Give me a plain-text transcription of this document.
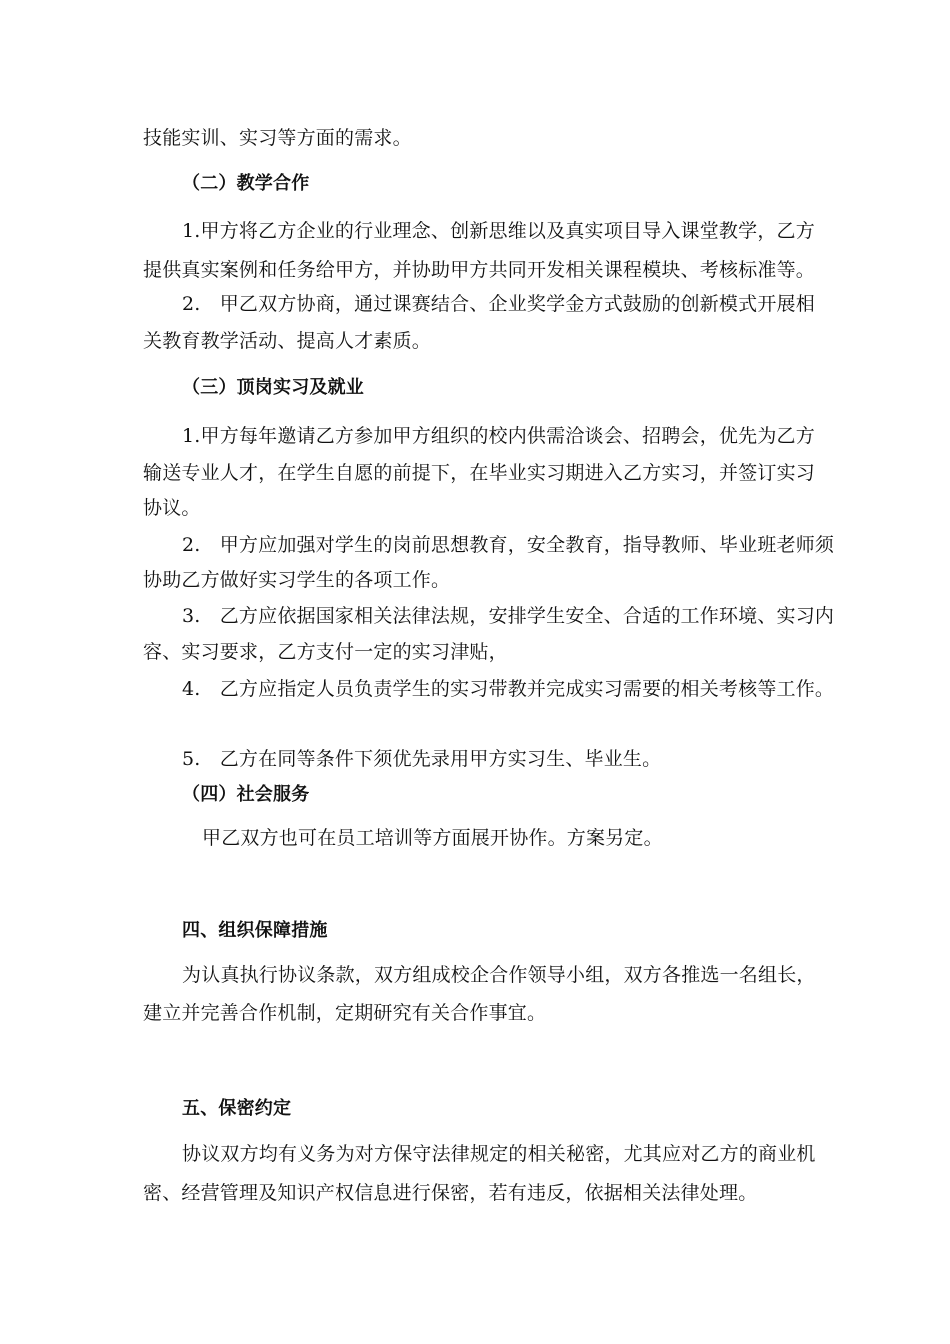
技能实训、实习等方面的需求。
（二）教学合作
1.甲方将乙方企业的行业理念、创新思维以及真实项目导入课堂教学，乙方
提供真实案例和任务给甲方，并协助甲方共同开发相关课程模块、考核标准等。
2.　甲乙双方协商，通过课赛结合、企业奖学金方式鼓励的创新模式开展相
关教育教学活动、提高人才素质。
（三）顶岗实习及就业
1.甲方每年邀请乙方参加甲方组织的校内供需洽谈会、招聘会，优先为乙方
输送专业人才，在学生自愿的前提下，在毕业实习期进入乙方实习，并签订实习
协议。
2.　甲方应加强对学生的岗前思想教育，安全教育，指导教师、毕业班老师须
协助乙方做好实习学生的各项工作。
3.　乙方应依据国家相关法律法规，安排学生安全、合适的工作环境、实习内
容、实习要求，乙方支付一定的实习津贴，
4.　乙方应指定人员负责学生的实习带教并完成实习需要的相关考核等工作。
5.　乙方在同等条件下须优先录用甲方实习生、毕业生。
（四）社会服务
甲乙双方也可在员工培训等方面展开协作。方案另定。
四、组织保障措施
为认真执行协议条款，双方组成校企合作领导小组，双方各推选一名组长，
建立并完善合作机制，定期研究有关合作事宜。
五、保密约定
协议双方均有义务为对方保守法律规定的相关秘密，尤其应对乙方的商业机
密、经营管理及知识产权信息进行保密，若有违反，依据相关法律处理。
